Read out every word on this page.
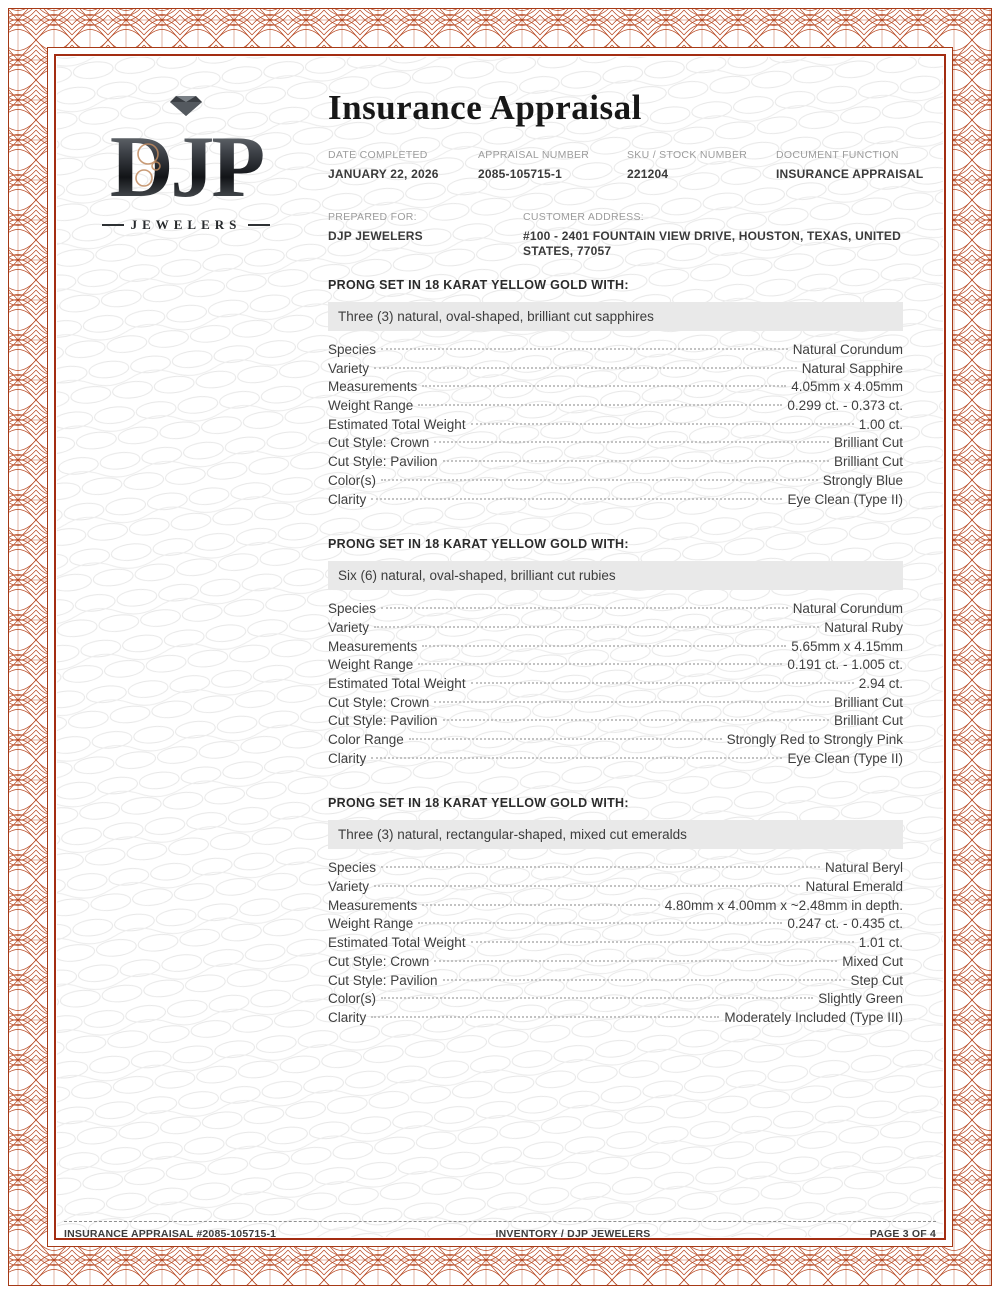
DJP
JEWELERS
Insurance Appraisal
DATE COMPLETED
JANUARY 22, 2026
APPRAISAL NUMBER
2085-105715-1
SKU / STOCK NUMBER
221204
DOCUMENT FUNCTION
INSURANCE APPRAISAL
PREPARED FOR:
DJP JEWELERS
CUSTOMER ADDRESS:
#100 - 2401 FOUNTAIN VIEW DRIVE, HOUSTON, TEXAS, UNITED STATES, 77057
PRONG SET IN 18 KARAT YELLOW GOLD WITH:
Three (3) natural, oval-shaped, brilliant cut sapphires
Species	Natural Corundum
Variety	Natural Sapphire
Measurements	4.05mm x 4.05mm
Weight Range	0.299 ct. - 0.373 ct.
Estimated Total Weight	1.00 ct.
Cut Style: Crown	Brilliant Cut
Cut Style: Pavilion	Brilliant Cut
Color(s)	Strongly Blue
Clarity	Eye Clean (Type II)
PRONG SET IN 18 KARAT YELLOW GOLD WITH:
Six (6) natural, oval-shaped, brilliant cut rubies
Species	Natural Corundum
Variety	Natural Ruby
Measurements	5.65mm x 4.15mm
Weight Range	0.191 ct. - 1.005 ct.
Estimated Total Weight	2.94 ct.
Cut Style: Crown	Brilliant Cut
Cut Style: Pavilion	Brilliant Cut
Color Range	Strongly Red to Strongly Pink
Clarity	Eye Clean (Type II)
PRONG SET IN 18 KARAT YELLOW GOLD WITH:
Three (3) natural, rectangular-shaped, mixed cut emeralds
Species	Natural Beryl
Variety	Natural Emerald
Measurements	4.80mm x 4.00mm x ~2.48mm in depth.
Weight Range	0.247 ct. - 0.435 ct.
Estimated Total Weight	1.01 ct.
Cut Style: Crown	Mixed Cut
Cut Style: Pavilion	Step Cut
Color(s)	Slightly Green
Clarity	Moderately Included (Type III)
INSURANCE APPRAISAL #2085-105715-1	INVENTORY / DJP JEWELERS	PAGE 3 OF 4
